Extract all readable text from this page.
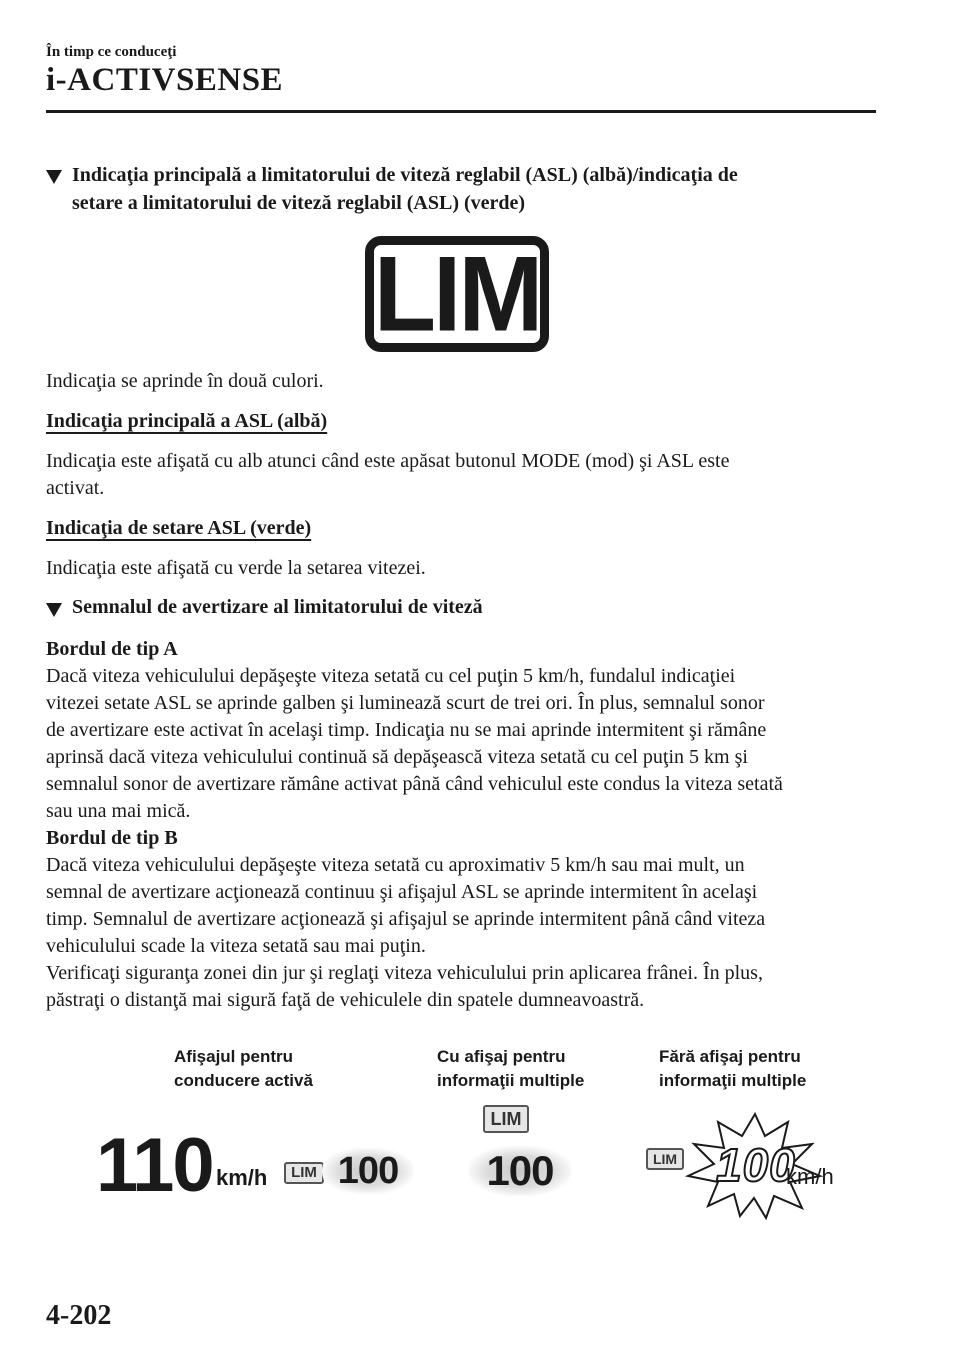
În timp ce conduceţi
i-ACTIVSENSE
Indicaţia principală a limitatorului de viteză reglabil (ASL) (albă)/indicaţia de
setare a limitatorului de viteză reglabil (ASL) (verde)
LIM
Indicaţia se aprinde în două culori.
Indicaţia principală a ASL (albă)
Indicaţia este afişată cu alb atunci când este apăsat butonul MODE (mod) şi ASL este
activat.
Indicaţia de setare ASL (verde)
Indicaţia este afişată cu verde la setarea vitezei.
Semnalul de avertizare al limitatorului de viteză
Bordul de tip A
Dacă viteza vehiculului depăşeşte viteza setată cu cel puţin 5 km/h, fundalul indicaţiei
vitezei setate ASL se aprinde galben şi luminează scurt de trei ori. În plus, semnalul sonor
de avertizare este activat în acelaşi timp. Indicaţia nu se mai aprinde intermitent şi rămâne
aprinsă dacă viteza vehiculului continuă să depăşească viteza setată cu cel puţin 5 km şi
semnalul sonor de avertizare rămâne activat până când vehiculul este condus la viteza setată
sau una mai mică.
Bordul de tip B
Dacă viteza vehiculului depăşeşte viteza setată cu aproximativ 5 km/h sau mai mult, un
semnal de avertizare acţionează continuu şi afişajul ASL se aprinde intermitent în acelaşi
timp. Semnalul de avertizare acţionează şi afişajul se aprinde intermitent până când viteza
vehiculului scade la viteza setată sau mai puţin.
Verificaţi siguranţa zonei din jur şi reglaţi viteza vehiculului prin aplicarea frânei. În plus,
păstraţi o distanţă mai sigură faţă de vehiculele din spatele dumneavoastră.
Afişajul pentru
conducere activă
Cu afişaj pentru
informaţii multiple
Fără afişaj pentru
informaţii multiple
110 km/h	LIM 100
LIM
100	LIM 100
km/h
4-202
